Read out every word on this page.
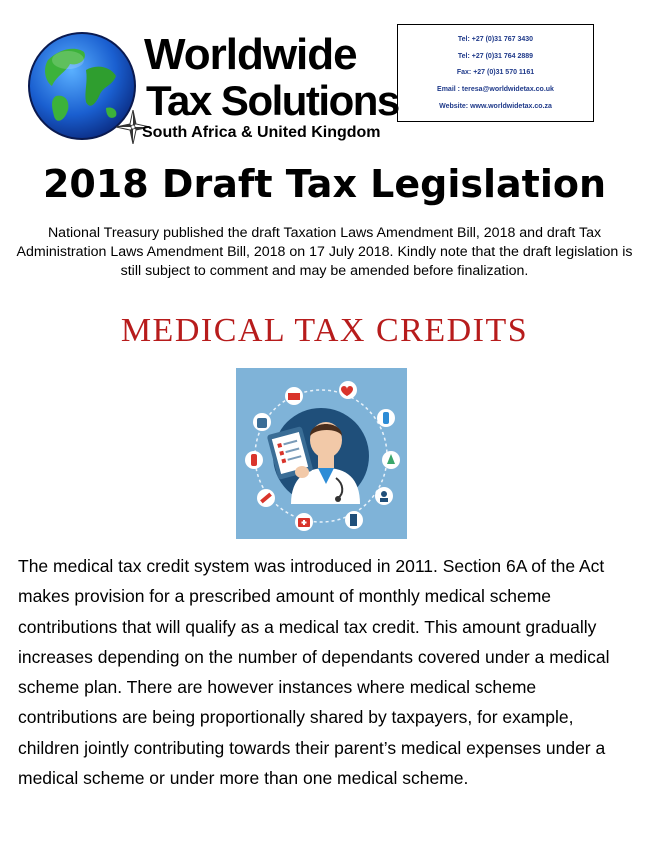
Worldwide
Tax Solutions
South Africa & United Kingdom
Tel: +27 (0)31 767 3430
Tel: +27 (0)31 764 2889
Fax: +27 (0)31 570 1161
Email : teresa@worldwidetax.co.uk
Website: www.worldwidetax.co.za
2018 Draft Tax Legislation
National Treasury published the draft Taxation Laws Amendment Bill, 2018 and draft Tax Administration Laws Amendment Bill, 2018 on 17 July 2018. Kindly note that the draft legislation is still subject to comment and may be amended before finalization.
MEDICAL TAX CREDITS
The medical tax credit system was introduced in 2011. Section 6A of the Act makes provision for a prescribed amount of monthly medical scheme contributions that will qualify as a medical tax credit. This amount gradually increases depending on the number of dependants covered under a medical scheme plan. There are however instances where medical scheme contributions are being proportionally shared by taxpayers, for example, children jointly contributing towards their parent’s medical expenses under a medical scheme or under more than one medical scheme.
